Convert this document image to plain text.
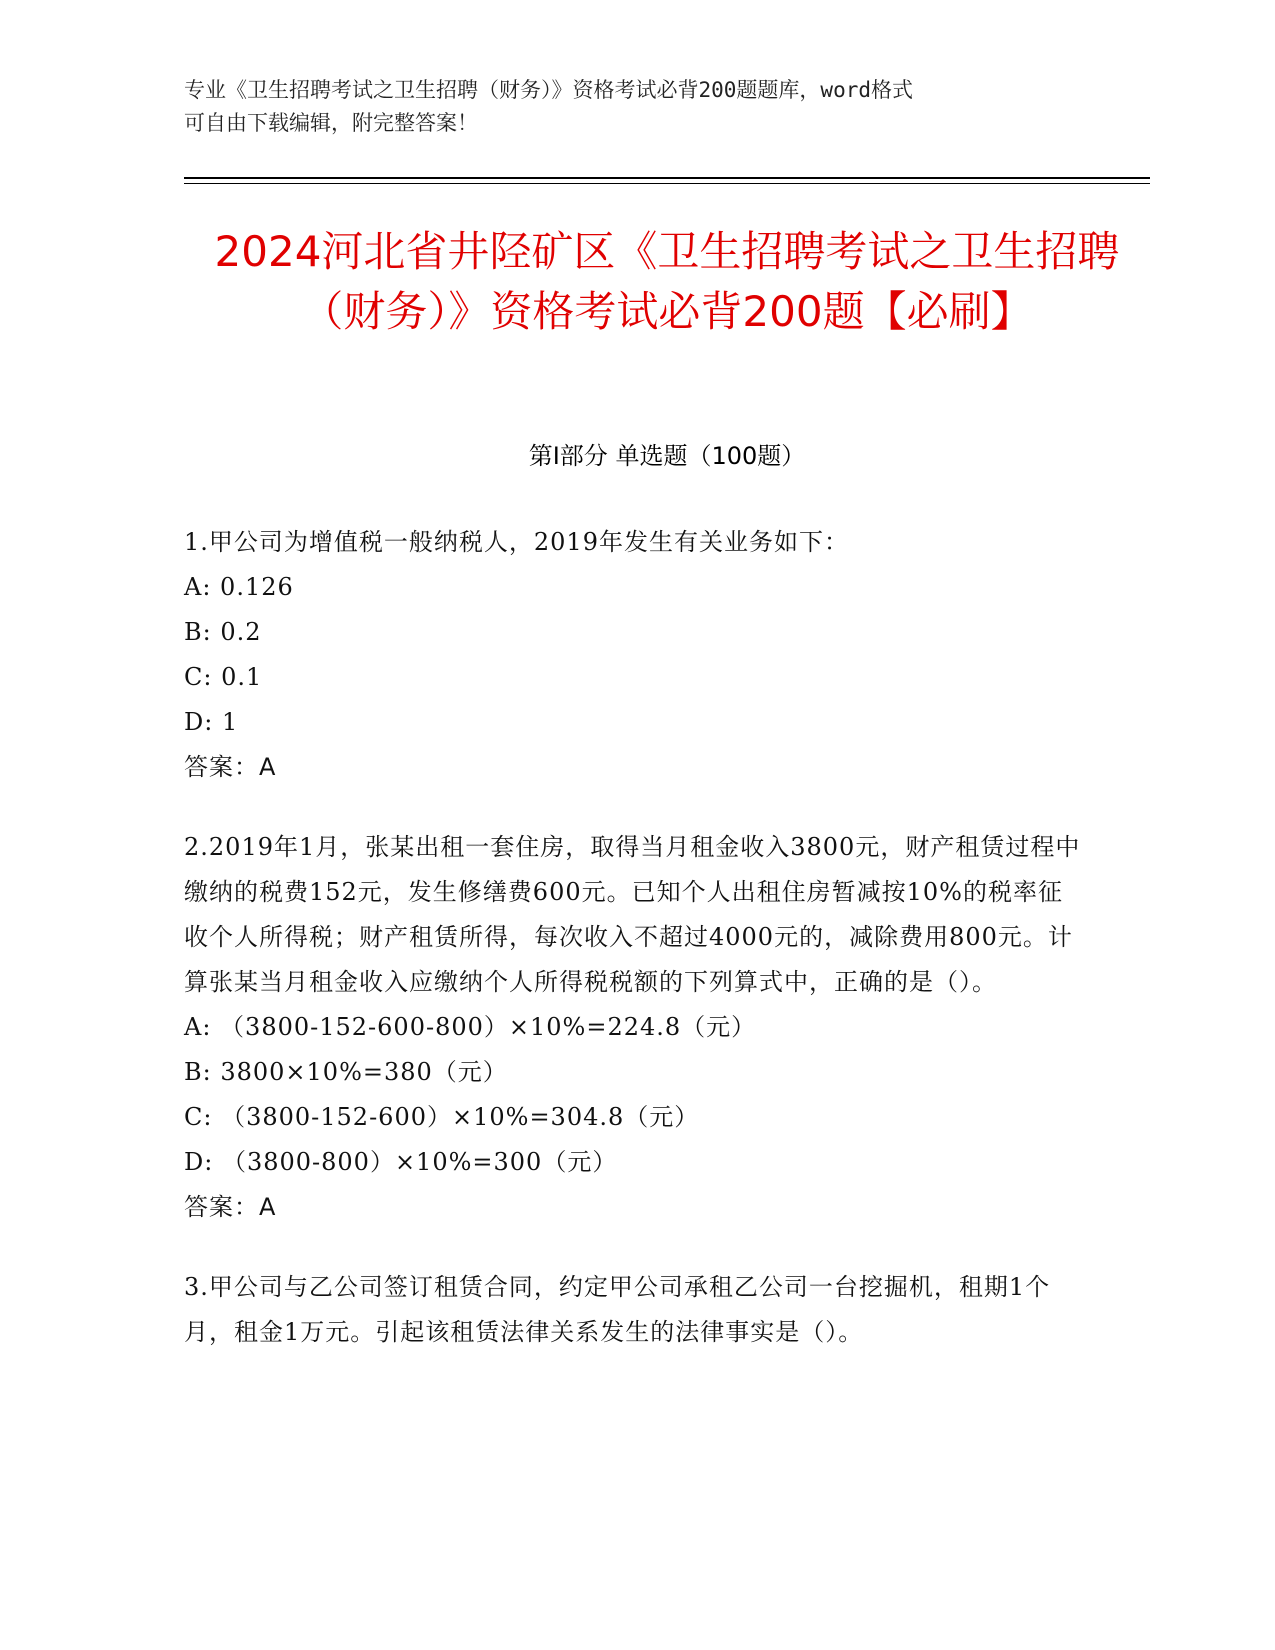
专业《卫生招聘考试之卫生招聘（财务）》资格考试必背200题题库，word格式
可自由下载编辑，附完整答案！
2024河北省井陉矿区《卫生招聘考试之卫生招聘（财务）》资格考试必背200题【必刷】
第Ⅰ部分 单选题（100题）
1.甲公司为增值税一般纳税人，2019年发生有关业务如下：
A: 0.126
B: 0.2
C: 0.1
D: 1
答案：A
2.2019年1月，张某出租一套住房，取得当月租金收入3800元，财产租赁过程中缴纳的税费152元，发生修缮费600元。已知个人出租住房暂减按10%的税率征收个人所得税；财产租赁所得，每次收入不超过4000元的，减除费用800元。计算张某当月租金收入应缴纳个人所得税税额的下列算式中，正确的是（）。
A: （3800-152-600-800）×10%=224.8（元）
B: 3800×10%=380（元）
C: （3800-152-600）×10%=304.8（元）
D: （3800-800）×10%=300（元）
答案：A
3.甲公司与乙公司签订租赁合同，约定甲公司承租乙公司一台挖掘机，租期1个月，租金1万元。引起该租赁法律关系发生的法律事实是（）。
